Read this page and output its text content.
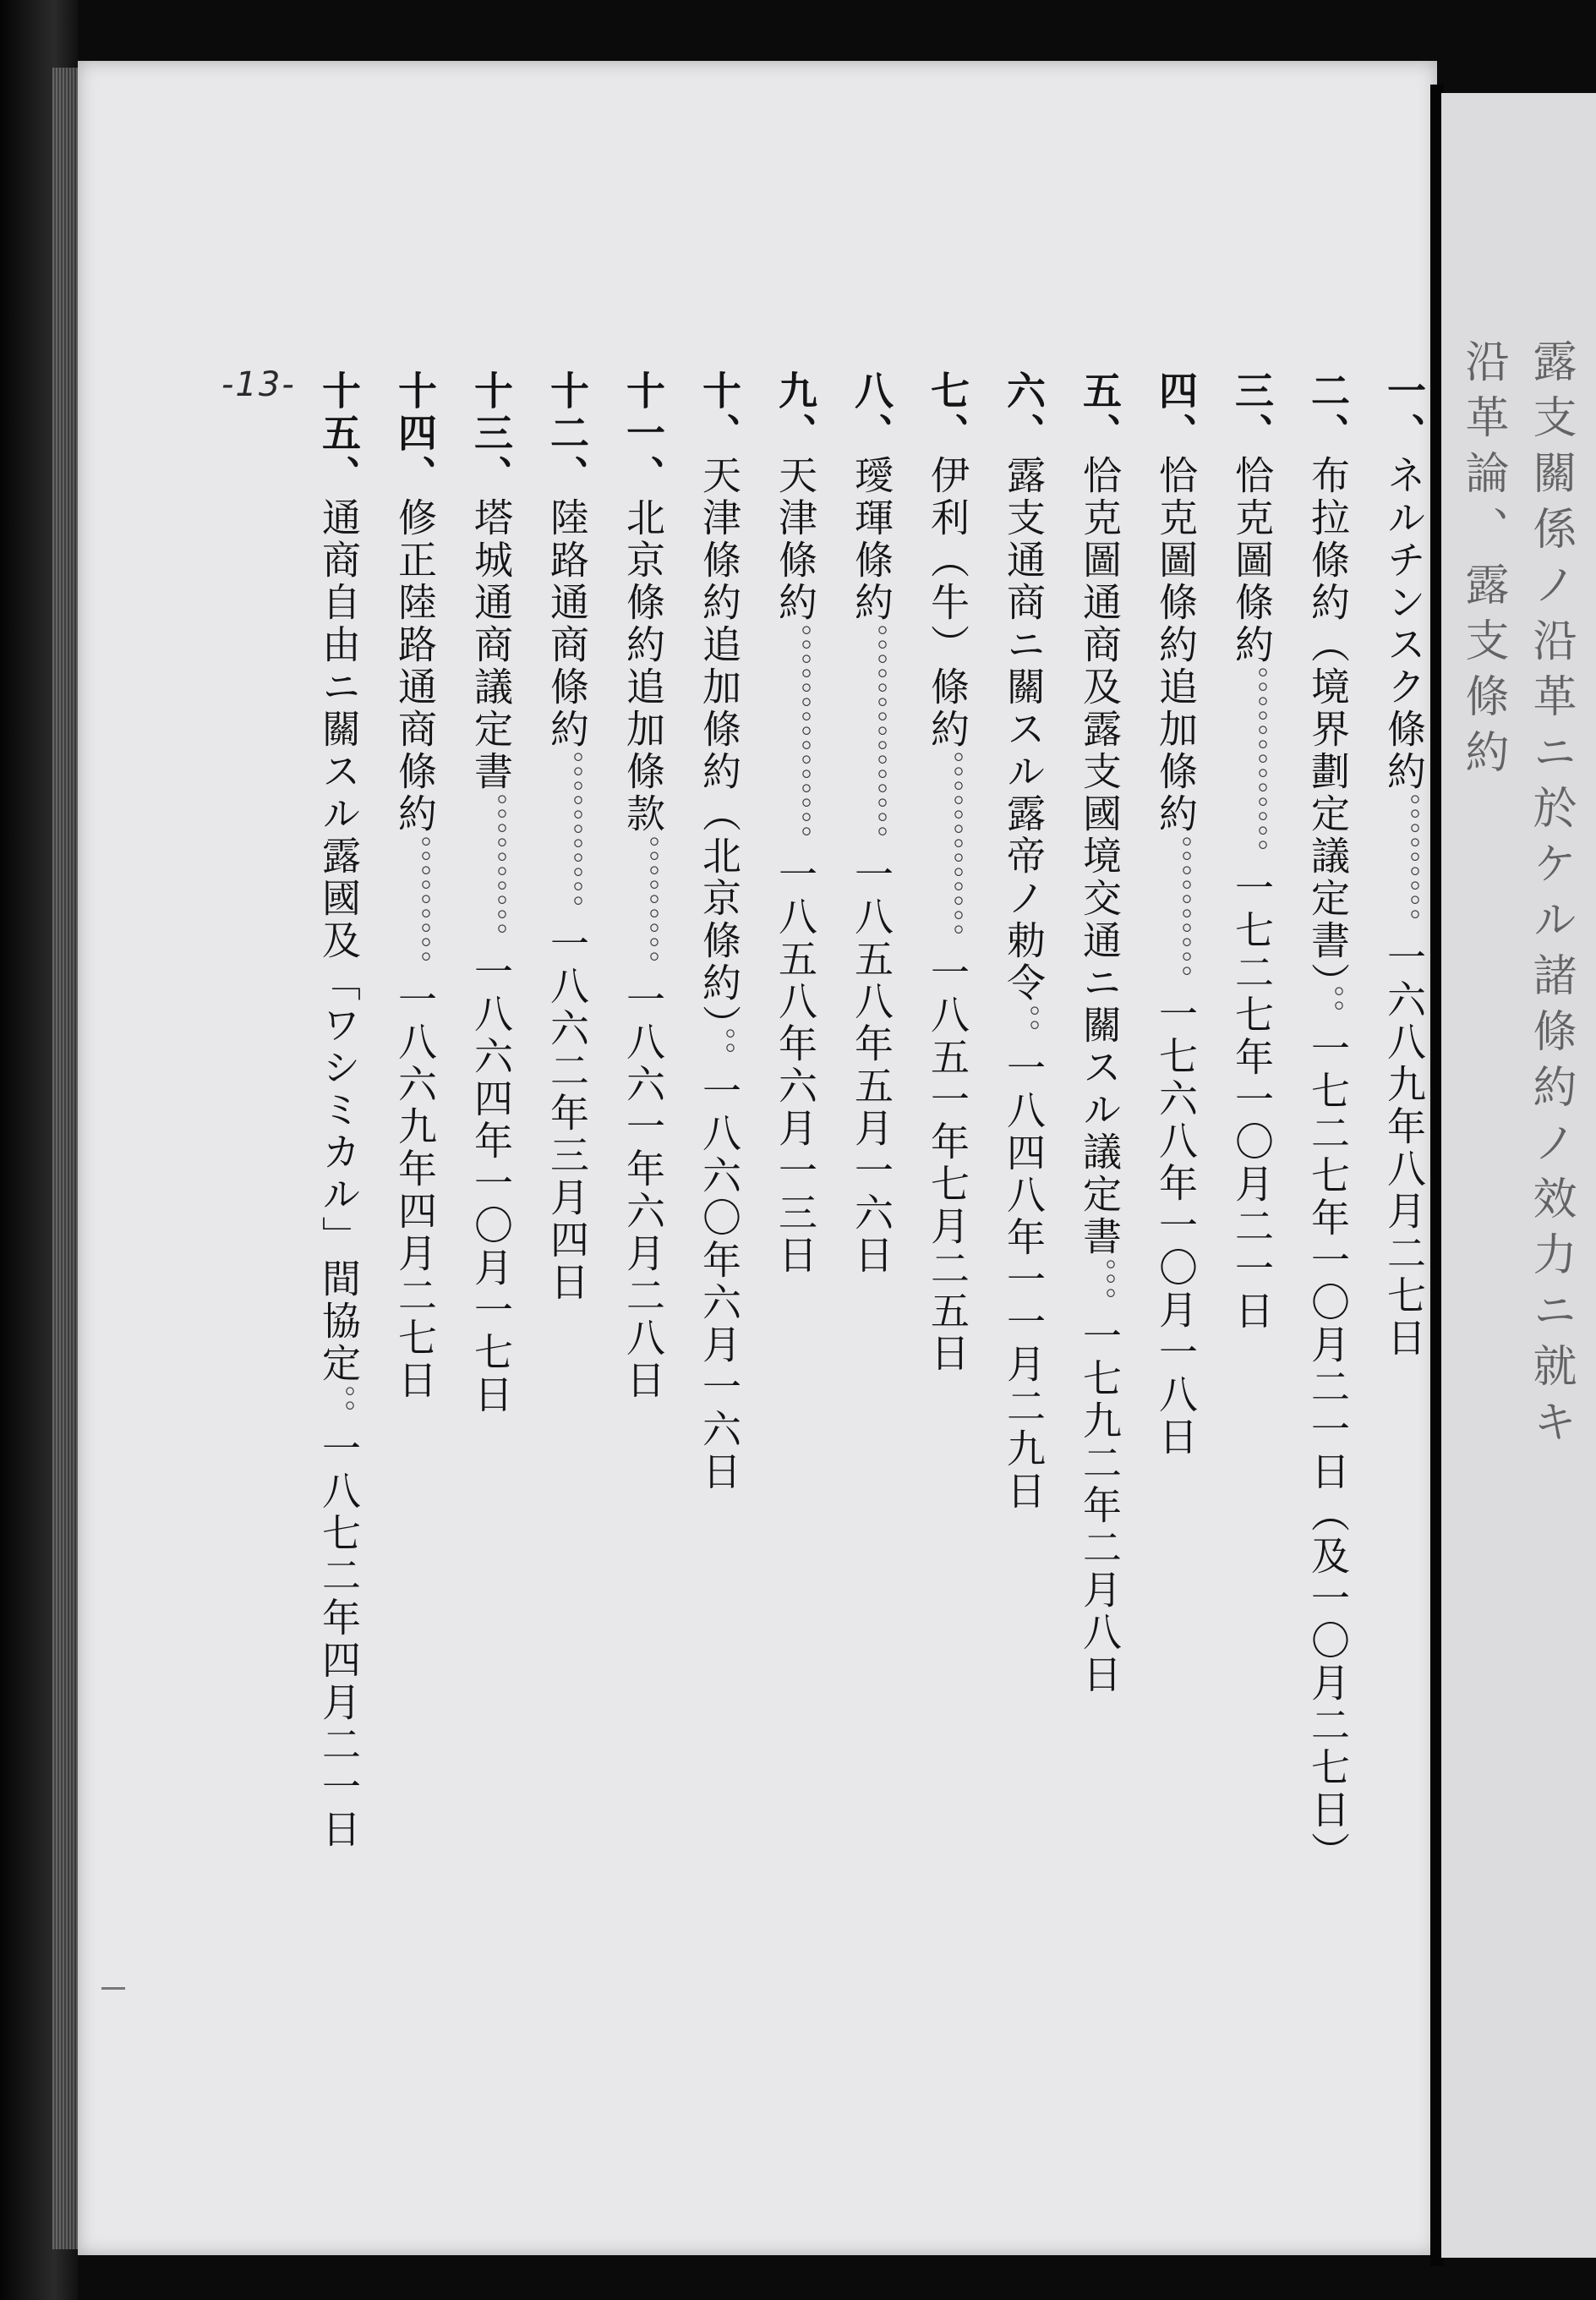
露支關係ノ沿革ニ於ケル諸條約ノ效力ニ就キ
沿革論、露支條約
-13-	一、ネルチンスク條約。。。。。。。。。一六八九年八月二七日
二、布拉條約（境界劃定議定書）。。一七二七年一〇月二一日（及一〇月二七日）
三、恰克圖條約。。。。。。。。。。。。。一七二七年一〇月二一日
四、恰克圖條約追加條約。。。。。。。。。。一七六八年一〇月一八日
五、恰克圖通商及露支國境交通ニ關スル議定書。。。一七九二年二月八日
六、露支通商ニ關スル露帝ノ勅令。。一八四八年一一月二九日
七、伊利（牛）條約。。。。。。。。。。。。。一八五一年七月二五日
八、璦琿條約。。。。。。。。。。。。。。。一八五八年五月一六日
九、天津條約。。。。。。。。。。。。。。。一八五八年六月一三日
十、天津條約追加條約（北京條約）。。一八六〇年六月一六日
十一、北京條約追加條款。。。。。。。。。一八六一年六月二八日
十二、陸路通商條約。。。。。。。。。。。一八六二年三月四日
十三、塔城通商議定書。。。。。。。。。。一八六四年一〇月一七日
十四、修正陸路通商條約。。。。。。。。。一八六九年四月二七日
十五、通商自由ニ關スル露國及「ワシミカル」間協定。。一八七二年四月二一日
